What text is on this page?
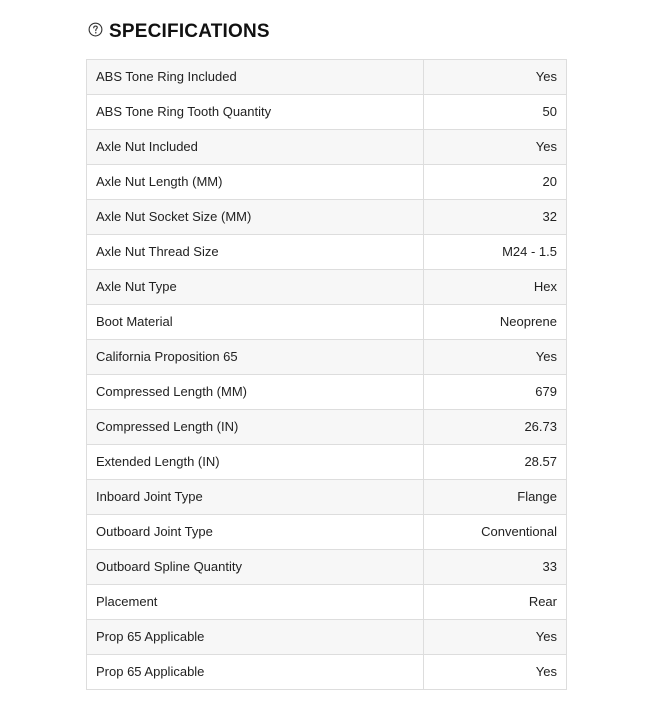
SPECIFICATIONS
ABS Tone Ring Included	Yes
ABS Tone Ring Tooth Quantity	50
Axle Nut Included	Yes
Axle Nut Length (MM)	20
Axle Nut Socket Size (MM)	32
Axle Nut Thread Size	M24 - 1.5
Axle Nut Type	Hex
Boot Material	Neoprene
California Proposition 65	Yes
Compressed Length (MM)	679
Compressed Length (IN)	26.73
Extended Length (IN)	28.57
Inboard Joint Type	Flange
Outboard Joint Type	Conventional
Outboard Spline Quantity	33
Placement	Rear
Prop 65 Applicable	Yes
Prop 65 Applicable	Yes
